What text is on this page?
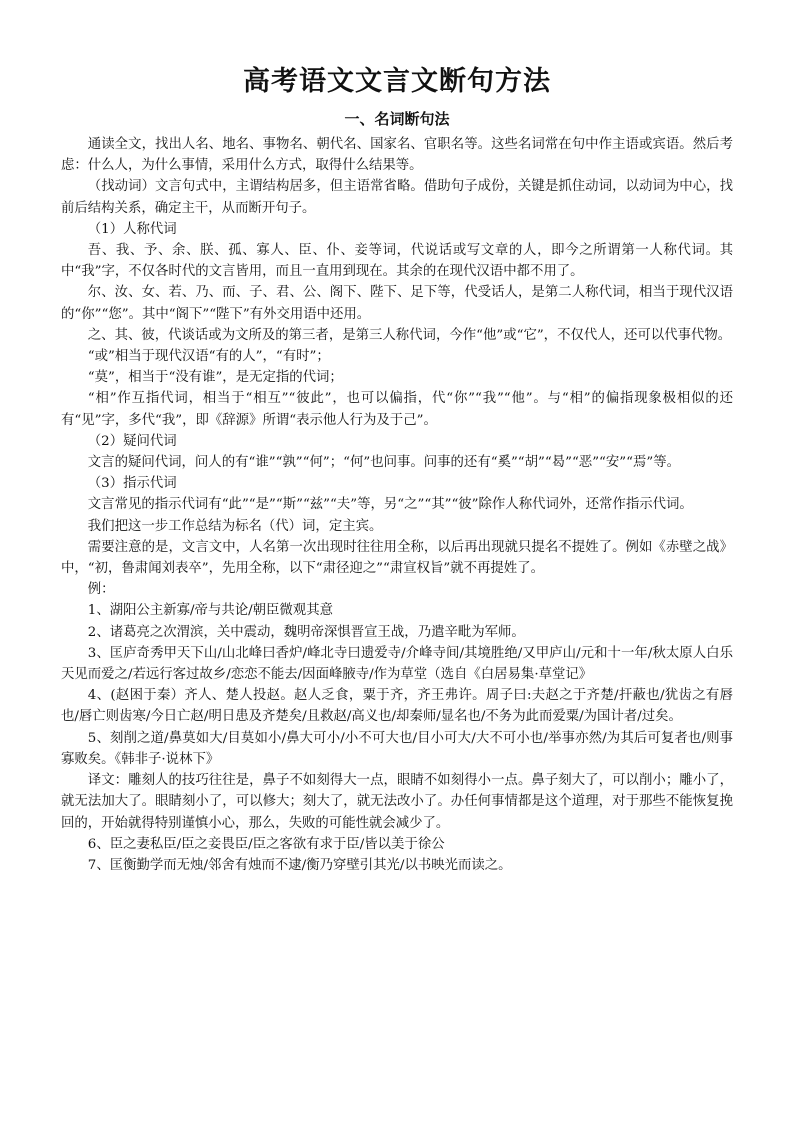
高考语文文言文断句方法
一、名词断句法

通读全文，找出人名、地名、事物名、朝代名、国家名、官职名等。这些名词常在句中作主语或宾语。然后考虑：什么人，为什么事情，采用什么方式，取得什么结果等。

（找动词）文言句式中，主谓结构居多，但主语常省略。借助句子成份，关键是抓住动词，以动词为中心，找前后结构关系，确定主干，从而断开句子。

（1）人称代词

吾、我、予、余、朕、孤、寡人、臣、仆、妾等词，代说话或写文章的人，即今之所谓第一人称代词。其中“我”字，不仅各时代的文言皆用，而且一直用到现在。其余的在现代汉语中都不用了。

尔、汝、女、若、乃、而、子、君、公、阁下、陛下、足下等，代受话人，是第二人称代词，相当于现代汉语的“你”“您”。其中“阁下”“陛下”有外交用语中还用。

之、其、彼，代谈话或为文所及的第三者，是第三人称代词，今作“他”或“它”，不仅代人，还可以代事代物。

“或”相当于现代汉语“有的人”，“有时”；

“莫”，相当于“没有谁”，是无定指的代词；

“相”作互指代词，相当于“相互”“彼此”，也可以偏指，代“你”“我”“他”。与“相”的偏指现象极相似的还有“见”字，多代“我”，即《辞源》所谓“表示他人行为及于己”。

（2）疑问代词

文言的疑问代词，问人的有“谁”“孰”“何”；“何”也问事。问事的还有“奚”“胡”“曷”“恶”“安”“焉”等。

（3）指示代词

文言常见的指示代词有“此”“是”“斯”“兹”“夫”等，另“之”“其”“彼”除作人称代词外，还常作指示代词。

我们把这一步工作总结为标名（代）词，定主宾。

需要注意的是，文言文中，人名第一次出现时往往用全称，以后再出现就只提名不提姓了。例如《赤壁之战》中，“初，鲁肃闻刘表卒”，先用全称，以下“肃径迎之”“肃宣权旨”就不再提姓了。

例：

1、湖阳公主新寡/帝与共论/朝臣微观其意

2、诸葛亮之次渭滨，关中震动，魏明帝深惧晋宣王战，乃遣辛毗为军师。

3、匡庐奇秀甲天下山/山北峰曰香炉/峰北寺曰遗爱寺/介峰寺间/其境胜绝/又甲庐山/元和十一年/秋太原人白乐天见而爱之/若远行客过故乡/恋恋不能去/因面峰腋寺/作为草堂（选自《白居易集·草堂记》

4、(赵困于秦）齐人、楚人投赵。赵人乏食，粟于齐，齐王弗许。周子曰:夫赵之于齐楚/扞蔽也/犹齿之有唇也/唇亡则齿寒/今日亡赵/明日患及齐楚矣/且救赵/高义也/却秦师/显名也/不务为此而爱粟/为国计者/过矣。

5、刻削之道/鼻莫如大/目莫如小/鼻大可小/小不可大也/目小可大/大不可小也/举事亦然/为其后可复者也/则事寡败矣。《韩非子·说林下》

译文：雕刻人的技巧往往是，鼻子不如刻得大一点，眼睛不如刻得小一点。鼻子刻大了，可以削小；雕小了，就无法加大了。眼睛刻小了，可以修大；刻大了，就无法改小了。办任何事情都是这个道理，对于那些不能恢复挽回的，开始就得特别谨慎小心，那么，失败的可能性就会减少了。

6、臣之妻私臣/臣之妾畏臣/臣之客欲有求于臣/皆以美于徐公

7、匡衡勤学而无烛/邻舍有烛而不逮/衡乃穿壁引其光/以书映光而读之。
